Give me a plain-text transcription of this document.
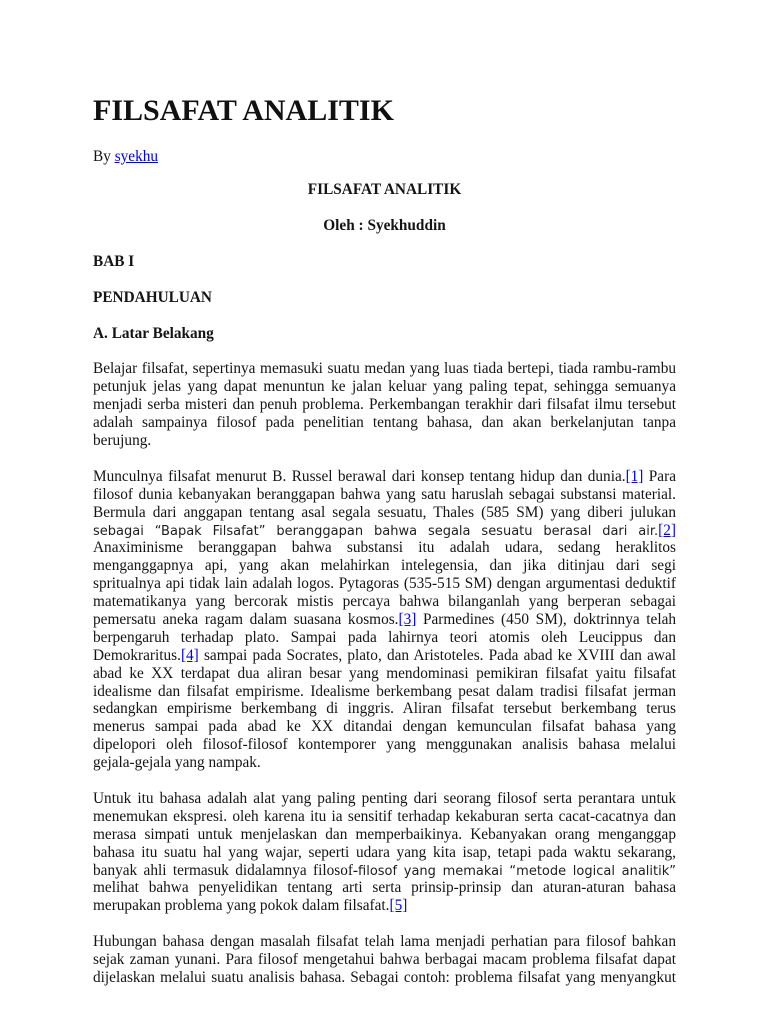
FILSAFAT ANALITIK
By syekhu
FILSAFAT ANALITIK
Oleh : Syekhuddin
BAB I
PENDAHULUAN
A. Latar Belakang
Belajar filsafat, sepertinya memasuki suatu medan yang luas tiada bertepi, tiada rambu-rambu
petunjuk jelas yang dapat menuntun ke jalan keluar yang paling tepat, sehingga semuanya
menjadi serba misteri dan penuh problema. Perkembangan terakhir dari filsafat ilmu tersebut
adalah sampainya filosof pada penelitian tentang bahasa, dan akan berkelanjutan tanpa
berujung.
Munculnya filsafat menurut B. Russel berawal dari konsep tentang hidup dan dunia.[1] Para
filosof dunia kebanyakan beranggapan bahwa yang satu haruslah sebagai substansi material.
Bermula dari anggapan tentang asal segala sesuatu, Thales (585 SM) yang diberi julukan
sebagai “Bapak Filsafat” beranggapan bahwa segala sesuatu berasal dari air.[2]
Anaximinisme beranggapan bahwa substansi itu adalah udara, sedang heraklitos
menganggapnya api, yang akan melahirkan intelegensia, dan jika ditinjau dari segi
spritualnya api tidak lain adalah logos. Pytagoras (535-515 SM) dengan argumentasi deduktif
matematikanya yang bercorak mistis percaya bahwa bilanganlah yang berperan sebagai
pemersatu aneka ragam dalam suasana kosmos.[3] Parmedines (450 SM), doktrinnya telah
berpengaruh terhadap plato. Sampai pada lahirnya teori atomis oleh Leucippus dan
Demokraritus.[4] sampai pada Socrates, plato, dan Aristoteles. Pada abad ke XVIII dan awal
abad ke XX terdapat dua aliran besar yang mendominasi pemikiran filsafat yaitu filsafat
idealisme dan filsafat empirisme. Idealisme berkembang pesat dalam tradisi filsafat jerman
sedangkan empirisme berkembang di inggris. Aliran filsafat tersebut berkembang terus
menerus sampai pada abad ke XX ditandai dengan kemunculan filsafat bahasa yang
dipelopori oleh filosof-filosof kontemporer yang menggunakan analisis bahasa melalui
gejala-gejala yang nampak.
Untuk itu bahasa adalah alat yang paling penting dari seorang filosof serta perantara untuk
menemukan ekspresi. oleh karena itu ia sensitif terhadap kekaburan serta cacat-cacatnya dan
merasa simpati untuk menjelaskan dan memperbaikinya. Kebanyakan orang menganggap
bahasa itu suatu hal yang wajar, seperti udara yang kita isap, tetapi pada waktu sekarang,
banyak ahli termasuk didalamnya filosof-filosof yang memakai “metode logical analitik”
melihat bahwa penyelidikan tentang arti serta prinsip-prinsip dan aturan-aturan bahasa
merupakan problema yang pokok dalam filsafat.[5]
Hubungan bahasa dengan masalah filsafat telah lama menjadi perhatian para filosof bahkan
sejak zaman yunani. Para filosof mengetahui bahwa berbagai macam problema filsafat dapat
dijelaskan melalui suatu analisis bahasa. Sebagai contoh: problema filsafat yang menyangkut
